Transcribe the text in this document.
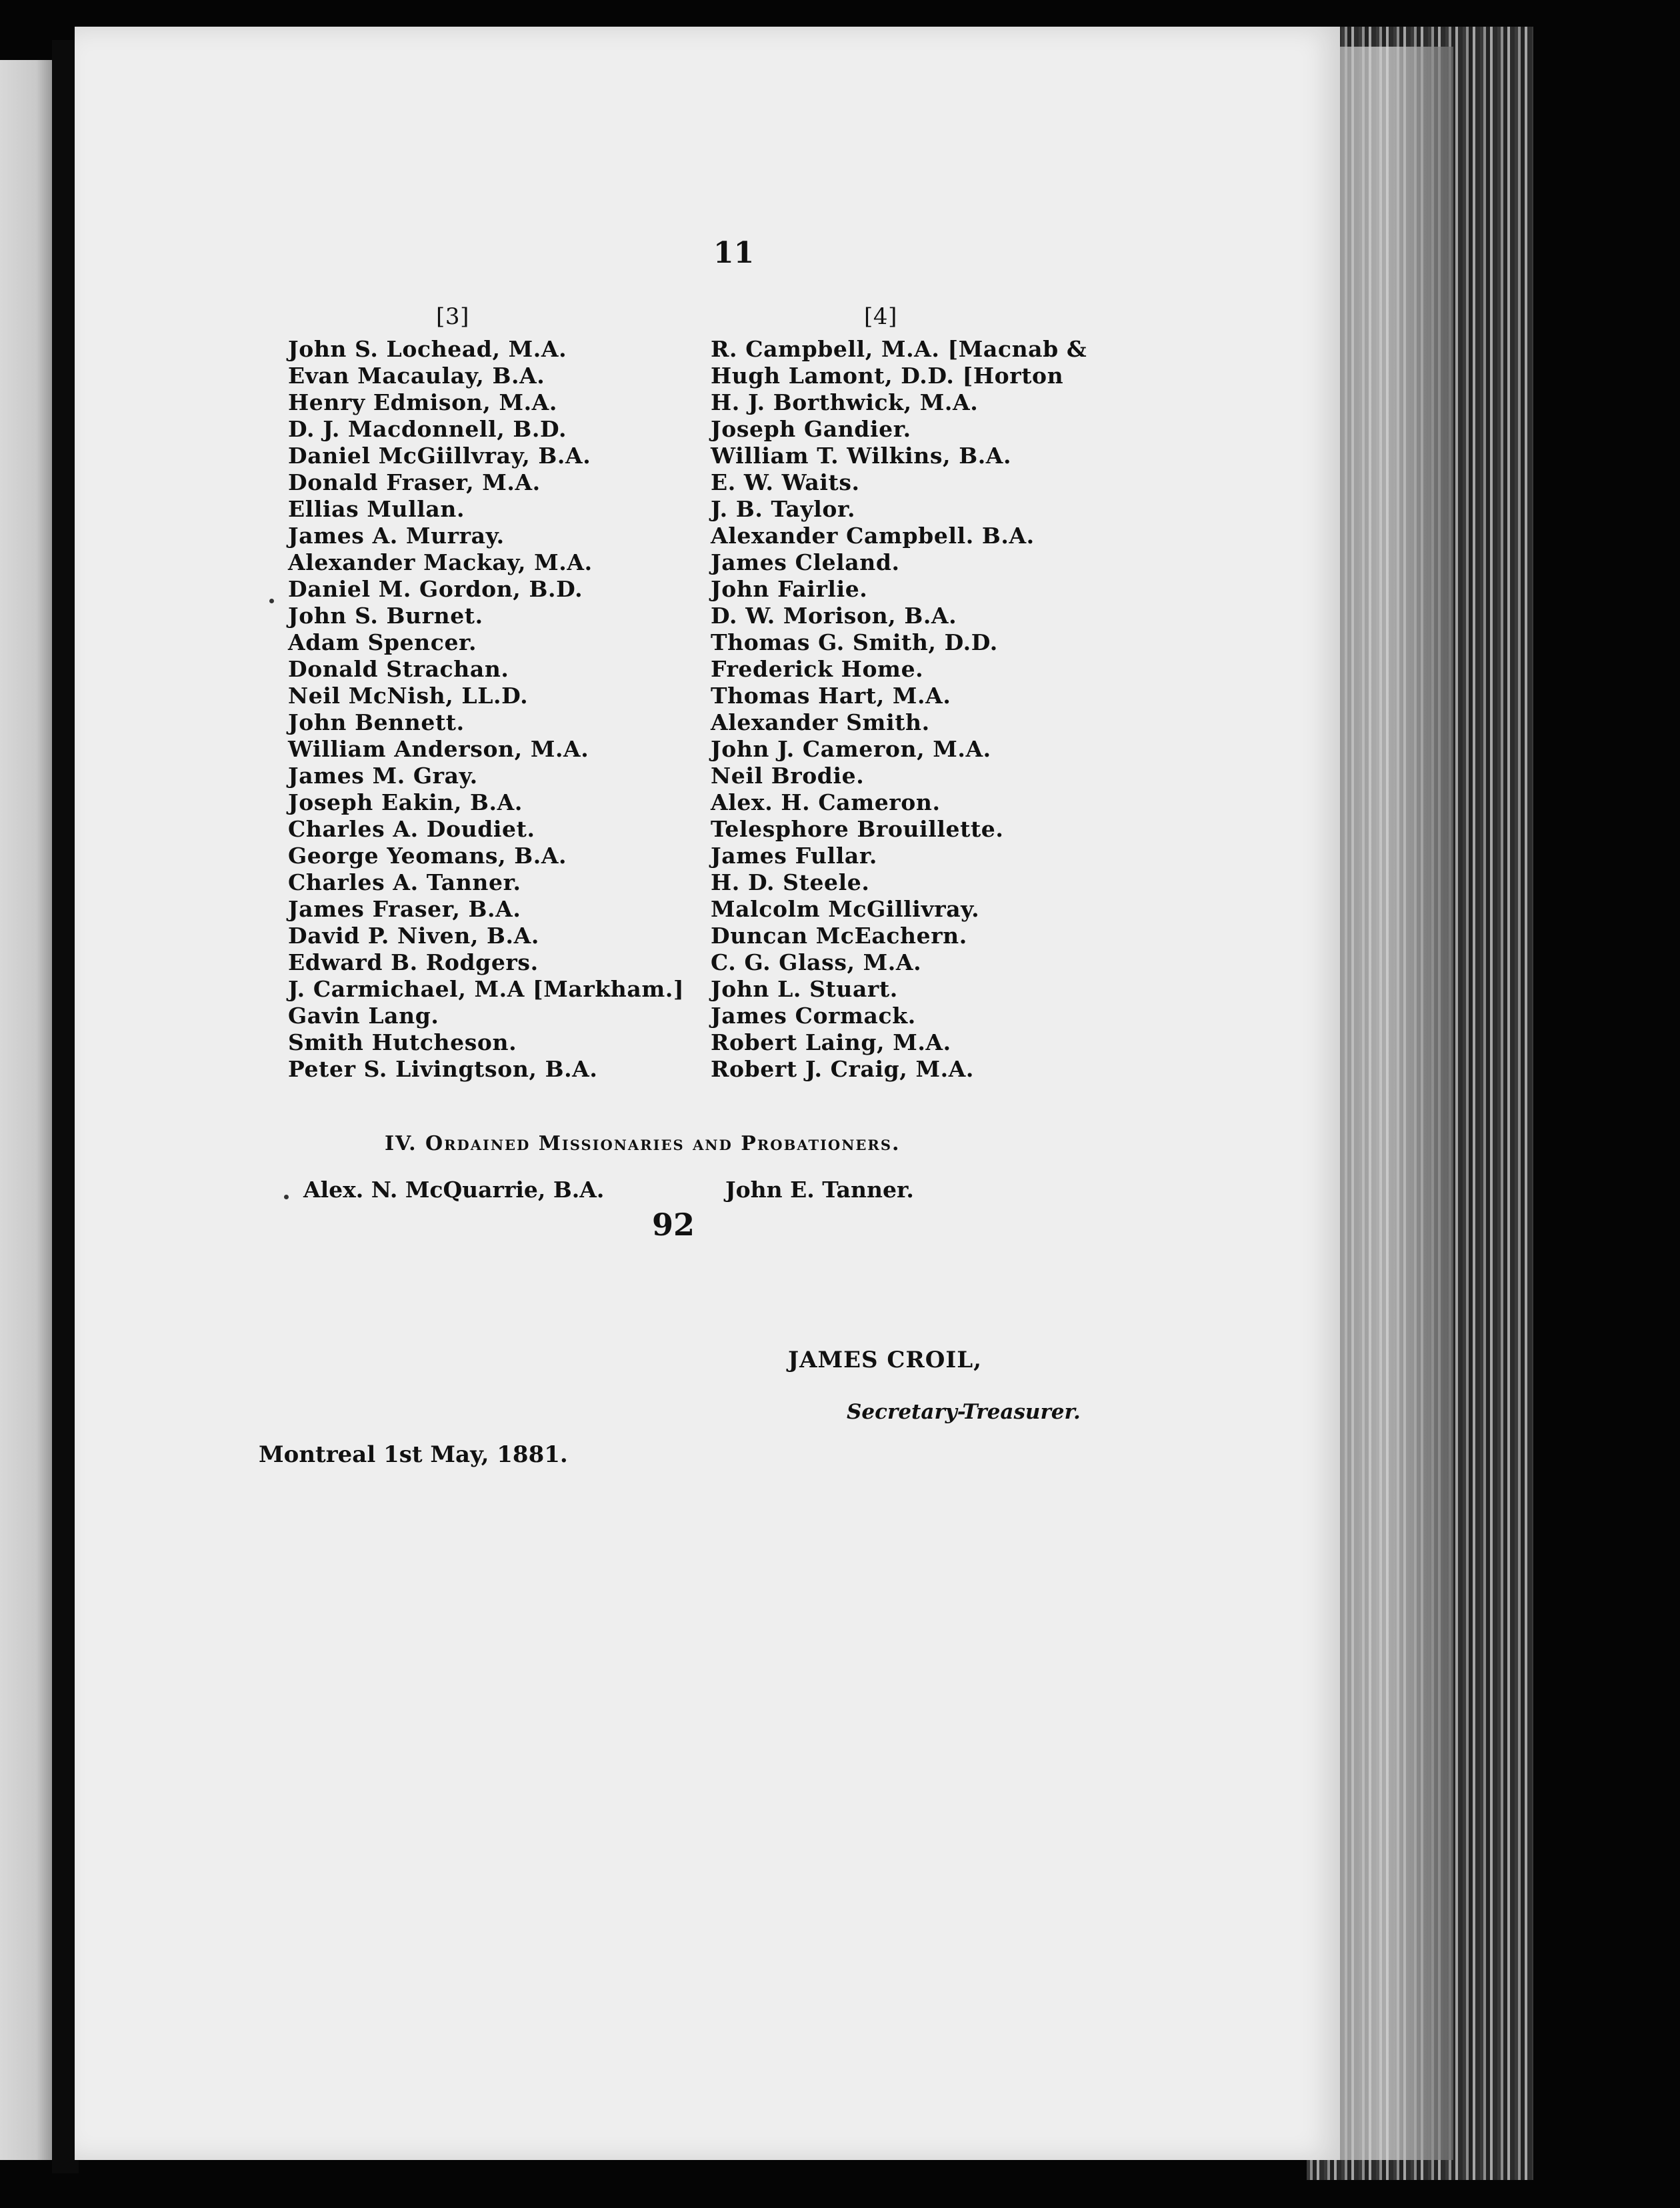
11
[3]
John S. Lochead, M.A.
Evan Macaulay, B.A.
Henry Edmison, M.A.
D. J. Macdonnell, B.D.
Daniel McGiillvray, B.A.
Donald Fraser, M.A.
Ellias Mullan.
James A. Murray.
Alexander Mackay, M.A.
Daniel M. Gordon, B.D.
John S. Burnet.
Adam Spencer.
Donald Strachan.
Neil McNish, LL.D.
John Bennett.
William Anderson, M.A.
James M. Gray.
Joseph Eakin, B.A.
Charles A. Doudiet.
George Yeomans, B.A.
Charles A. Tanner.
James Fraser, B.A.
David P. Niven, B.A.
Edward B. Rodgers.
J. Carmichael, M.A [Markham.]
Gavin Lang.
Smith Hutcheson.
Peter S. Livingtson, B.A.
[4]
R. Campbell, M.A. [Macnab &
Hugh Lamont, D.D. [Horton
H. J. Borthwick, M.A.
Joseph Gandier.
William T. Wilkins, B.A.
E. W. Waits.
J. B. Taylor.
Alexander Campbell. B.A.
James Cleland.
John Fairlie.
D. W. Morison, B.A.
Thomas G. Smith, D.D.
Frederick Home.
Thomas Hart, M.A.
Alexander Smith.
John J. Cameron, M.A.
Neil Brodie.
Alex. H. Cameron.
Telesphore Brouillette.
James Fullar.
H. D. Steele.
Malcolm McGillivray.
Duncan McEachern.
C. G. Glass, M.A.
John L. Stuart.
James Cormack.
Robert Laing, M.A.
Robert J. Craig, M.A.
IV. Ordained Missionaries and Probationers.
Alex. N. McQuarrie, B.A.	John E. Tanner.

92

JAMES CROIL,
Secretary-Treasurer.
Montreal 1st May, 1881.
